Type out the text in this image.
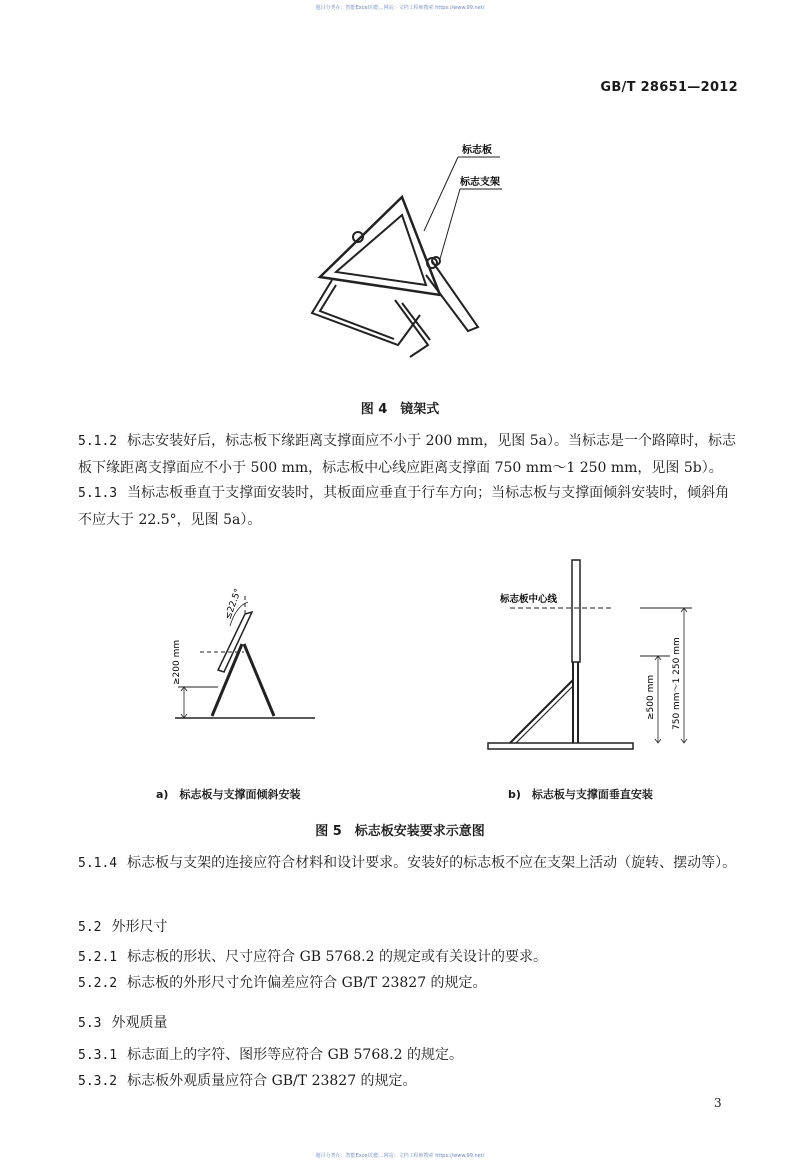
题目分类在：智能Excel功能...网站：文档工程师搜索 https://www.99.net/
GB/T 28651—2012
标志板
标志支架
图 4　镜架式
5.1.2 标志安装好后，标志板下缘距离支撑面应不小于 200 mm，见图 5a）。当标志是一个路障时，标志板下缘距离支撑面应不小于 500 mm，标志板中心线应距离支撑面 750 mm～1 250 mm，见图 5b）。
5.1.3 当标志板垂直于支撑面安装时，其板面应垂直于行车方向；当标志板与支撑面倾斜安装时，倾斜角不应大于 22.5°，见图 5a）。
≤22.5°
≥200 mm
标志板中心线
≥500 mm 750 mm～1 250 mm
a)　标志板与支撑面倾斜安装	b)　标志板与支撑面垂直安装
图 5　标志板安装要求示意图
5.1.4 标志板与支架的连接应符合材料和设计要求。安装好的标志板不应在支架上活动（旋转、摆动等）。
5.2 外形尺寸
5.2.1 标志板的形状、尺寸应符合 GB 5768.2 的规定或有关设计的要求。
5.2.2 标志板的外形尺寸允许偏差应符合 GB/T 23827 的规定。
5.3 外观质量
5.3.1 标志面上的字符、图形等应符合 GB 5768.2 的规定。
5.3.2 标志板外观质量应符合 GB/T 23827 的规定。
3
题目分类在：智能Excel功能...网站：文档工程师搜索 https://www.99.net/
